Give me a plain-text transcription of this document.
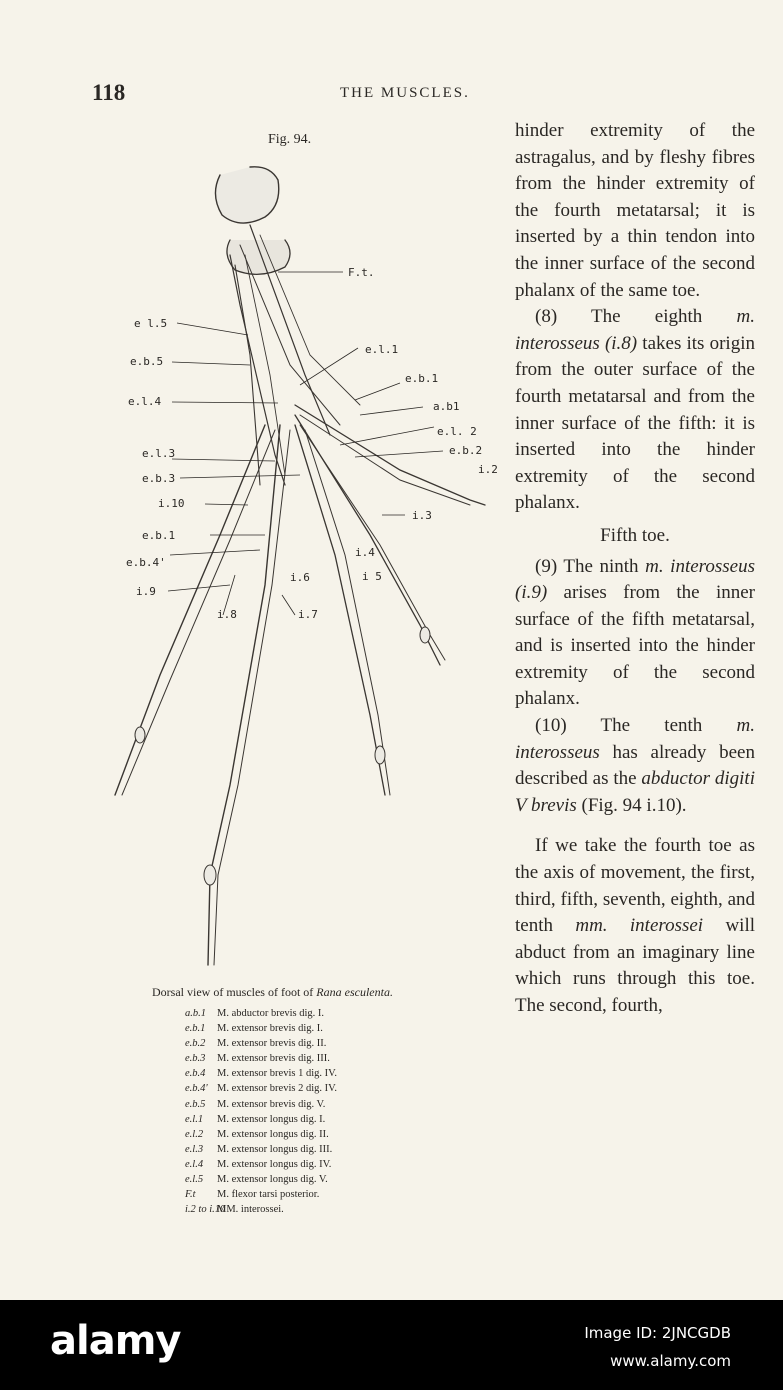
118	THE MUSCLES.
Fig. 94.
F.t.
e l.5
e.b.5
e.l.1
e.b.1
e.l.4	a.b1
e.l. 2
e.b.2
i.2
e.l.3
e.b.3
i.10
i.3
e.b.1
e.b.4'
i.4
i 5
i.6
i.9
i.8	i.7
Dorsal view of muscles of foot of Rana esculenta.
a.b.1 M. abductor brevis dig. I.
e.b.1 M. extensor brevis dig. I.
e.b.2 M. extensor brevis dig. II.
e.b.3 M. extensor brevis dig. III.
e.b.4 M. extensor brevis 1 dig. IV.
e.b.4' M. extensor brevis 2 dig. IV.
e.b.5 M. extensor brevis dig. V.
e.l.1 M. extensor longus dig. I.
e.l.2 M. extensor longus dig. II.
e.l.3 M. extensor longus dig. III.
e.l.4 M. extensor longus dig. IV.
e.l.5 M. extensor longus dig. V.
F.t M. flexor tarsi posterior.
i.2 to i.10MM. interossei.

hinder extremity of the astragalus, and by fleshy fibres from the hinder extremity of the fourth metatarsal; it is inserted by a thin tendon into the inner surface of the second phalanx of the same toe.

(8) The eighth m. interosseus (i.8) takes its origin from the outer surface of the fourth metatarsal and from the inner surface of the fifth: it is inserted into the hinder extremity of the second phalanx.

Fifth toe.

(9) The ninth m. interosseus (i.9) arises from the inner surface of the fifth metatarsal, and is inserted into the hinder extremity of the second phalanx.

(10) The tenth m. interosseus has already been described as the abductor digiti V brevis (Fig. 94 i.10).

If we take the fourth toe as the axis of movement, the first, third, fifth, seventh, eighth, and tenth mm. interossei will abduct from an imaginary line which runs through this toe. The second, fourth,

alamy	Image ID: 2JNCGDB
www.alamy.com
